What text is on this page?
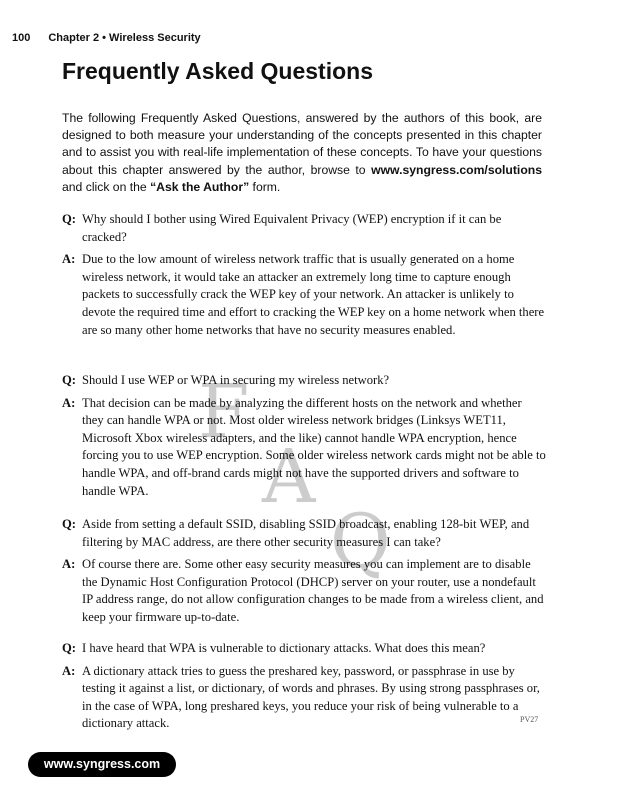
100 Chapter 2 • Wireless Security
Frequently Asked Questions

The following Frequently Asked Questions, answered by the authors of this book, are designed to both measure your understanding of the concepts presented in this chapter and to assist you with real-life implementation of these concepts. To have your questions about this chapter answered by the author, browse to www.syngress.com/solutions and click on the “Ask the Author” form.

F
A
Q
Q: Why should I bother using Wired Equivalent Privacy (WEP) encryption if it can be cracked?
A: Due to the low amount of wireless network traffic that is usually generated on a home wireless network, it would take an attacker an extremely long time to capture enough packets to successfully crack the WEP key of your network. An attacker is unlikely to devote the required time and effort to cracking the WEP key on a home network when there are so many other home networks that have no security measures enabled.
Q: Should I use WEP or WPA in securing my wireless network?
A: That decision can be made by analyzing the different hosts on the network and whether they can handle WPA or not. Most older wireless network bridges (Linksys WET11, Microsoft Xbox wireless adapters, and the like) cannot handle WPA encryption, hence forcing you to use WEP encryption. Some older wireless network cards might not be able to handle WPA, and off-brand cards might not have the supported drivers and software to handle WPA.
Q: Aside from setting a default SSID, disabling SSID broadcast, enabling 128-bit WEP, and filtering by MAC address, are there other security measures I can take?
A: Of course there are. Some other easy security measures you can implement are to disable the Dynamic Host Configuration Protocol (DHCP) server on your router, use a nondefault IP address range, do not allow configuration changes to be made from a wireless client, and keep your firmware up-to-date.
Q: I have heard that WPA is vulnerable to dictionary attacks. What does this mean?
A: A dictionary attack tries to guess the preshared key, password, or passphrase in use by testing it against a list, or dictionary, of words and phrases. By using strong passphrases or, in the case of WPA, long preshared keys, you reduce your risk of being vulnerable to a dictionary attack.	PV27
www.syngress.com
